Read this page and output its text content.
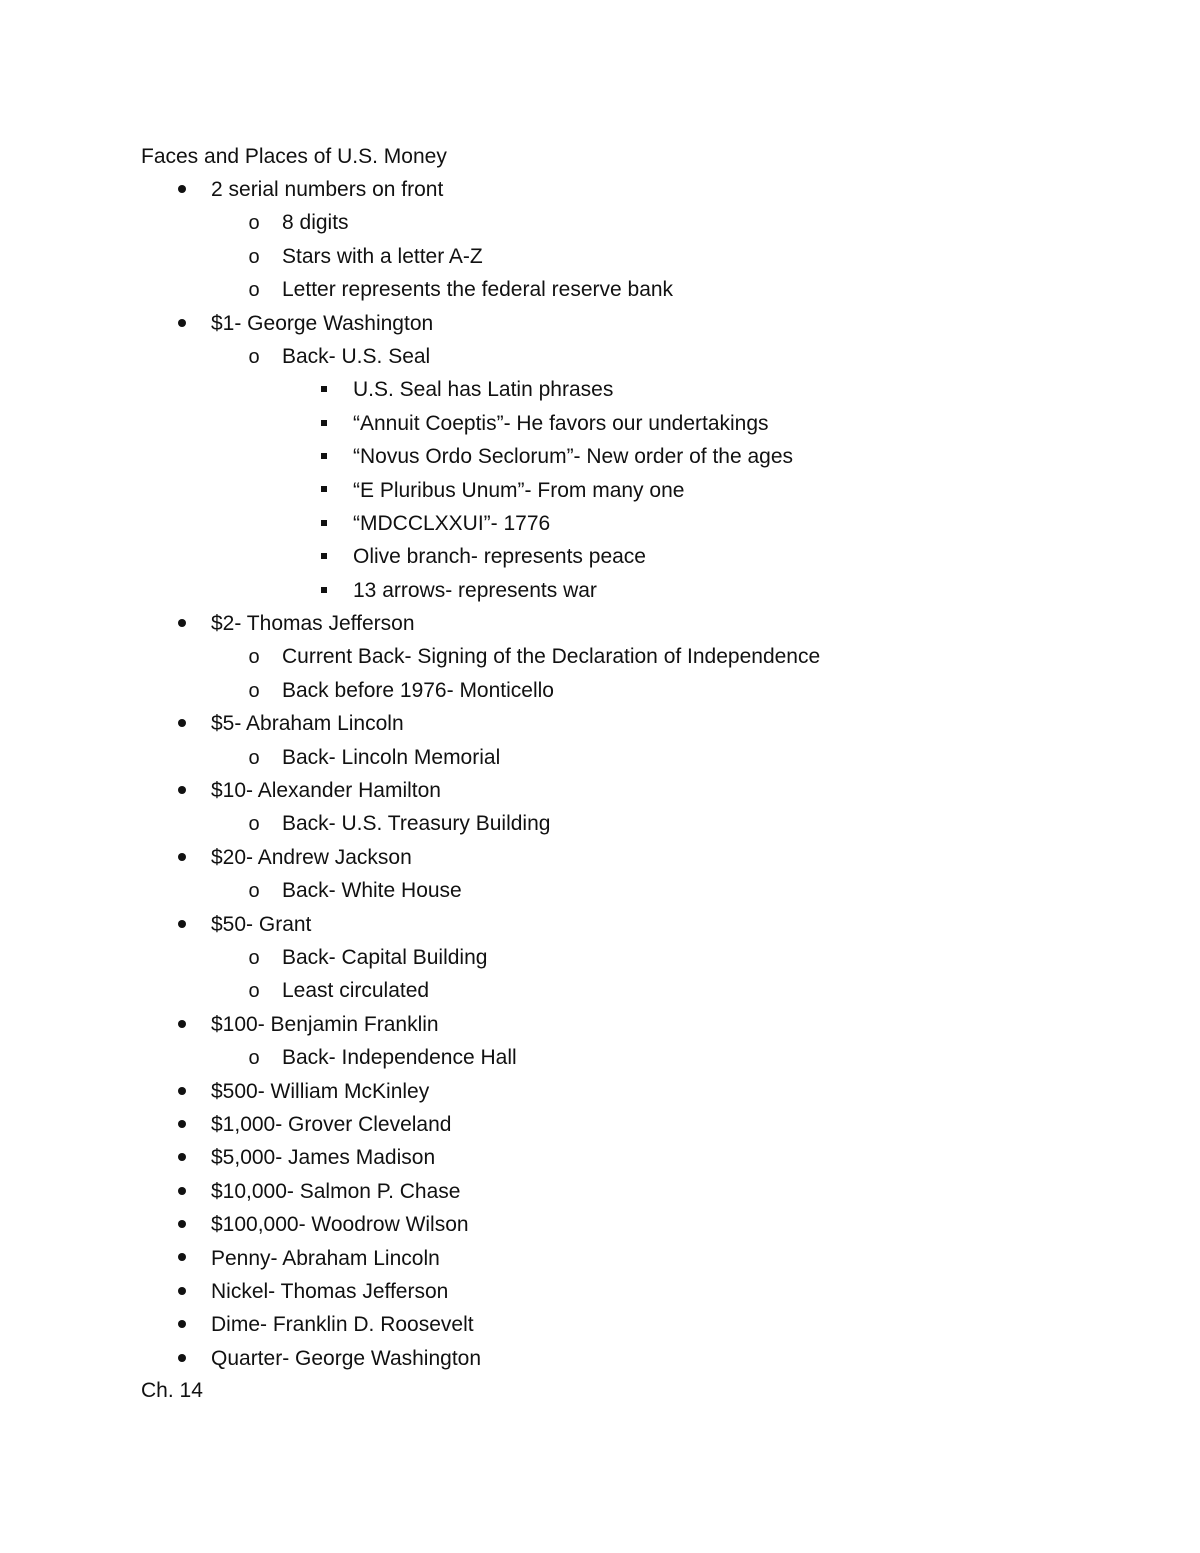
Faces and Places of U.S. Money
2 serial numbers on front
o	8 digits
o	Stars with a letter A-Z
o	Letter represents the federal reserve bank
$1- George Washington
o	Back- U.S. Seal
U.S. Seal has Latin phrases
“Annuit Coeptis”- He favors our undertakings
“Novus Ordo Seclorum”- New order of the ages
“E Pluribus Unum”- From many one
“MDCCLXXUI”- 1776
Olive branch- represents peace
13 arrows- represents war
$2- Thomas Jefferson
o	Current Back- Signing of the Declaration of Independence
o	Back before 1976- Monticello
$5- Abraham Lincoln
o	Back- Lincoln Memorial
$10- Alexander Hamilton
o	Back- U.S. Treasury Building
$20- Andrew Jackson
o	Back- White House
$50- Grant
o	Back- Capital Building
o	Least circulated
$100- Benjamin Franklin
o	Back- Independence Hall
$500- William McKinley
$1,000- Grover Cleveland
$5,000- James Madison
$10,000- Salmon P. Chase
$100,000- Woodrow Wilson
Penny- Abraham Lincoln
Nickel- Thomas Jefferson
Dime- Franklin D. Roosevelt
Quarter- George Washington
Ch. 14
